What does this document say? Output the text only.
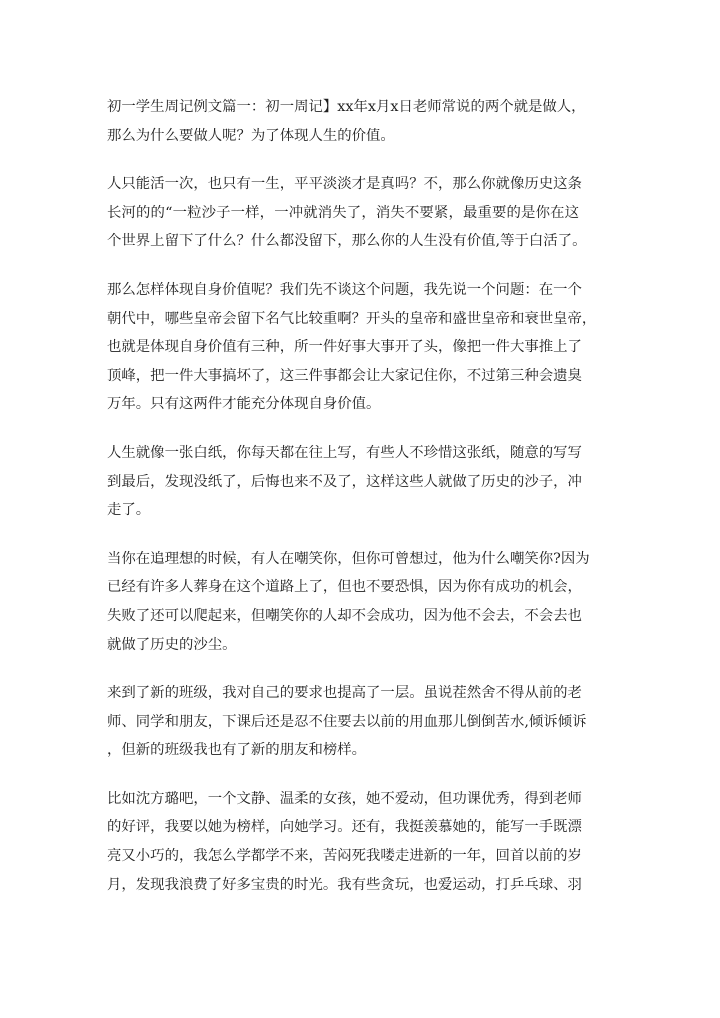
初一学生周记例文篇一：初一周记】xx年x月x日老师常说的两个就是做人，
那么为什么要做人呢？为了体现人生的价值。
人只能活一次，也只有一生，平平淡淡才是真吗？不，那么你就像历史这条
长河的的“一粒沙子一样，一冲就消失了，消失不要紧，最重要的是你在这
个世界上留下了什么？什么都没留下，那么你的人生没有价值,等于白活了。
那么怎样体现自身价值呢？我们先不谈这个问题，我先说一个问题：在一个
朝代中，哪些皇帝会留下名气比较重啊？开头的皇帝和盛世皇帝和衰世皇帝，
也就是体现自身价值有三种，所一件好事大事开了头，像把一件大事推上了
顶峰，把一件大事搞坏了，这三件事都会让大家记住你，不过第三种会遗臭
万年。只有这两件才能充分体现自身价值。
人生就像一张白纸，你每天都在往上写，有些人不珍惜这张纸，随意的写写
到最后，发现没纸了，后悔也来不及了，这样这些人就做了历史的沙子，冲
走了。
当你在追理想的时候，有人在嘲笑你，但你可曾想过，他为什么嘲笑你?因为
已经有许多人葬身在这个道路上了，但也不要恐惧，因为你有成功的机会，
失败了还可以爬起来，但嘲笑你的人却不会成功，因为他不会去，不会去也
就做了历史的沙尘。
来到了新的班级，我对自己的要求也提高了一层。虽说茬然舍不得从前的老
师、同学和朋友，下课后还是忍不住要去以前的用血那儿倒倒苦水,倾诉倾诉
，但新的班级我也有了新的朋友和榜样。
比如沈方璐吧，一个文静、温柔的女孩，她不爱动，但功课优秀，得到老师
的好评，我要以她为榜样，向她学习。还有，我挺羡慕她的，能写一手既漂
亮又小巧的，我怎么学都学不来，苦闷死我喽走进新的一年，回首以前的岁
月，发现我浪费了好多宝贵的时光。我有些贪玩，也爱运动，打乒乓球、羽
